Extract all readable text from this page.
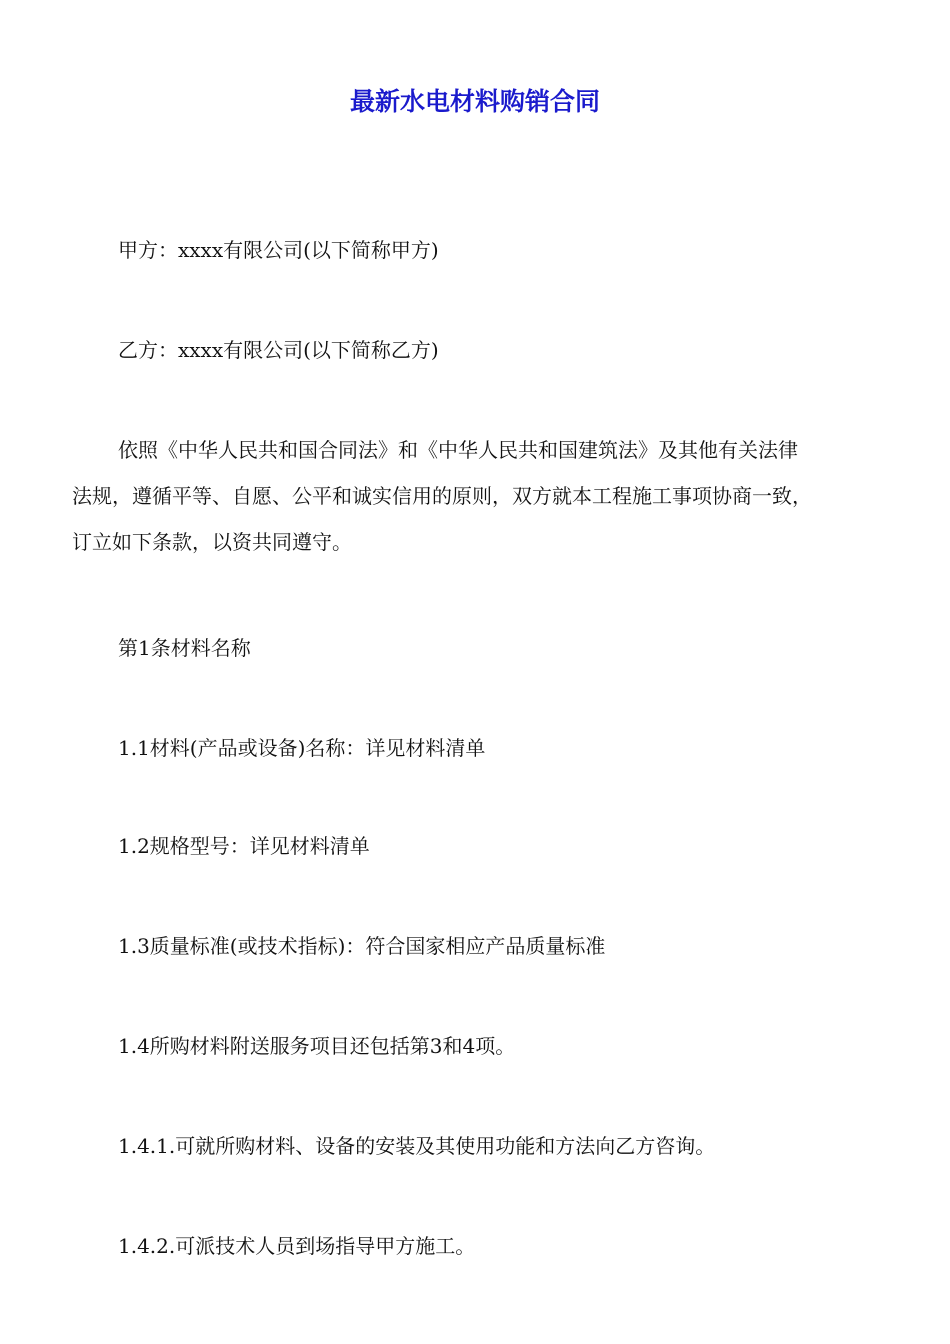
最新水电材料购销合同

甲方：xxxx有限公司(以下简称甲方)

乙方：xxxx有限公司(以下简称乙方)

依照《中华人民共和国合同法》和《中华人民共和国建筑法》及其他有关法律
法规，遵循平等、自愿、公平和诚实信用的原则，双方就本工程施工事项协商一致，
订立如下条款，以资共同遵守。

第1条材料名称

1.1材料(产品或设备)名称：详见材料清单

1.2规格型号：详见材料清单

1.3质量标准(或技术指标)：符合国家相应产品质量标准

1.4所购材料附送服务项目还包括第3和4项。

1.4.1.可就所购材料、设备的安装及其使用功能和方法向乙方咨询。

1.4.2.可派技术人员到场指导甲方施工。
